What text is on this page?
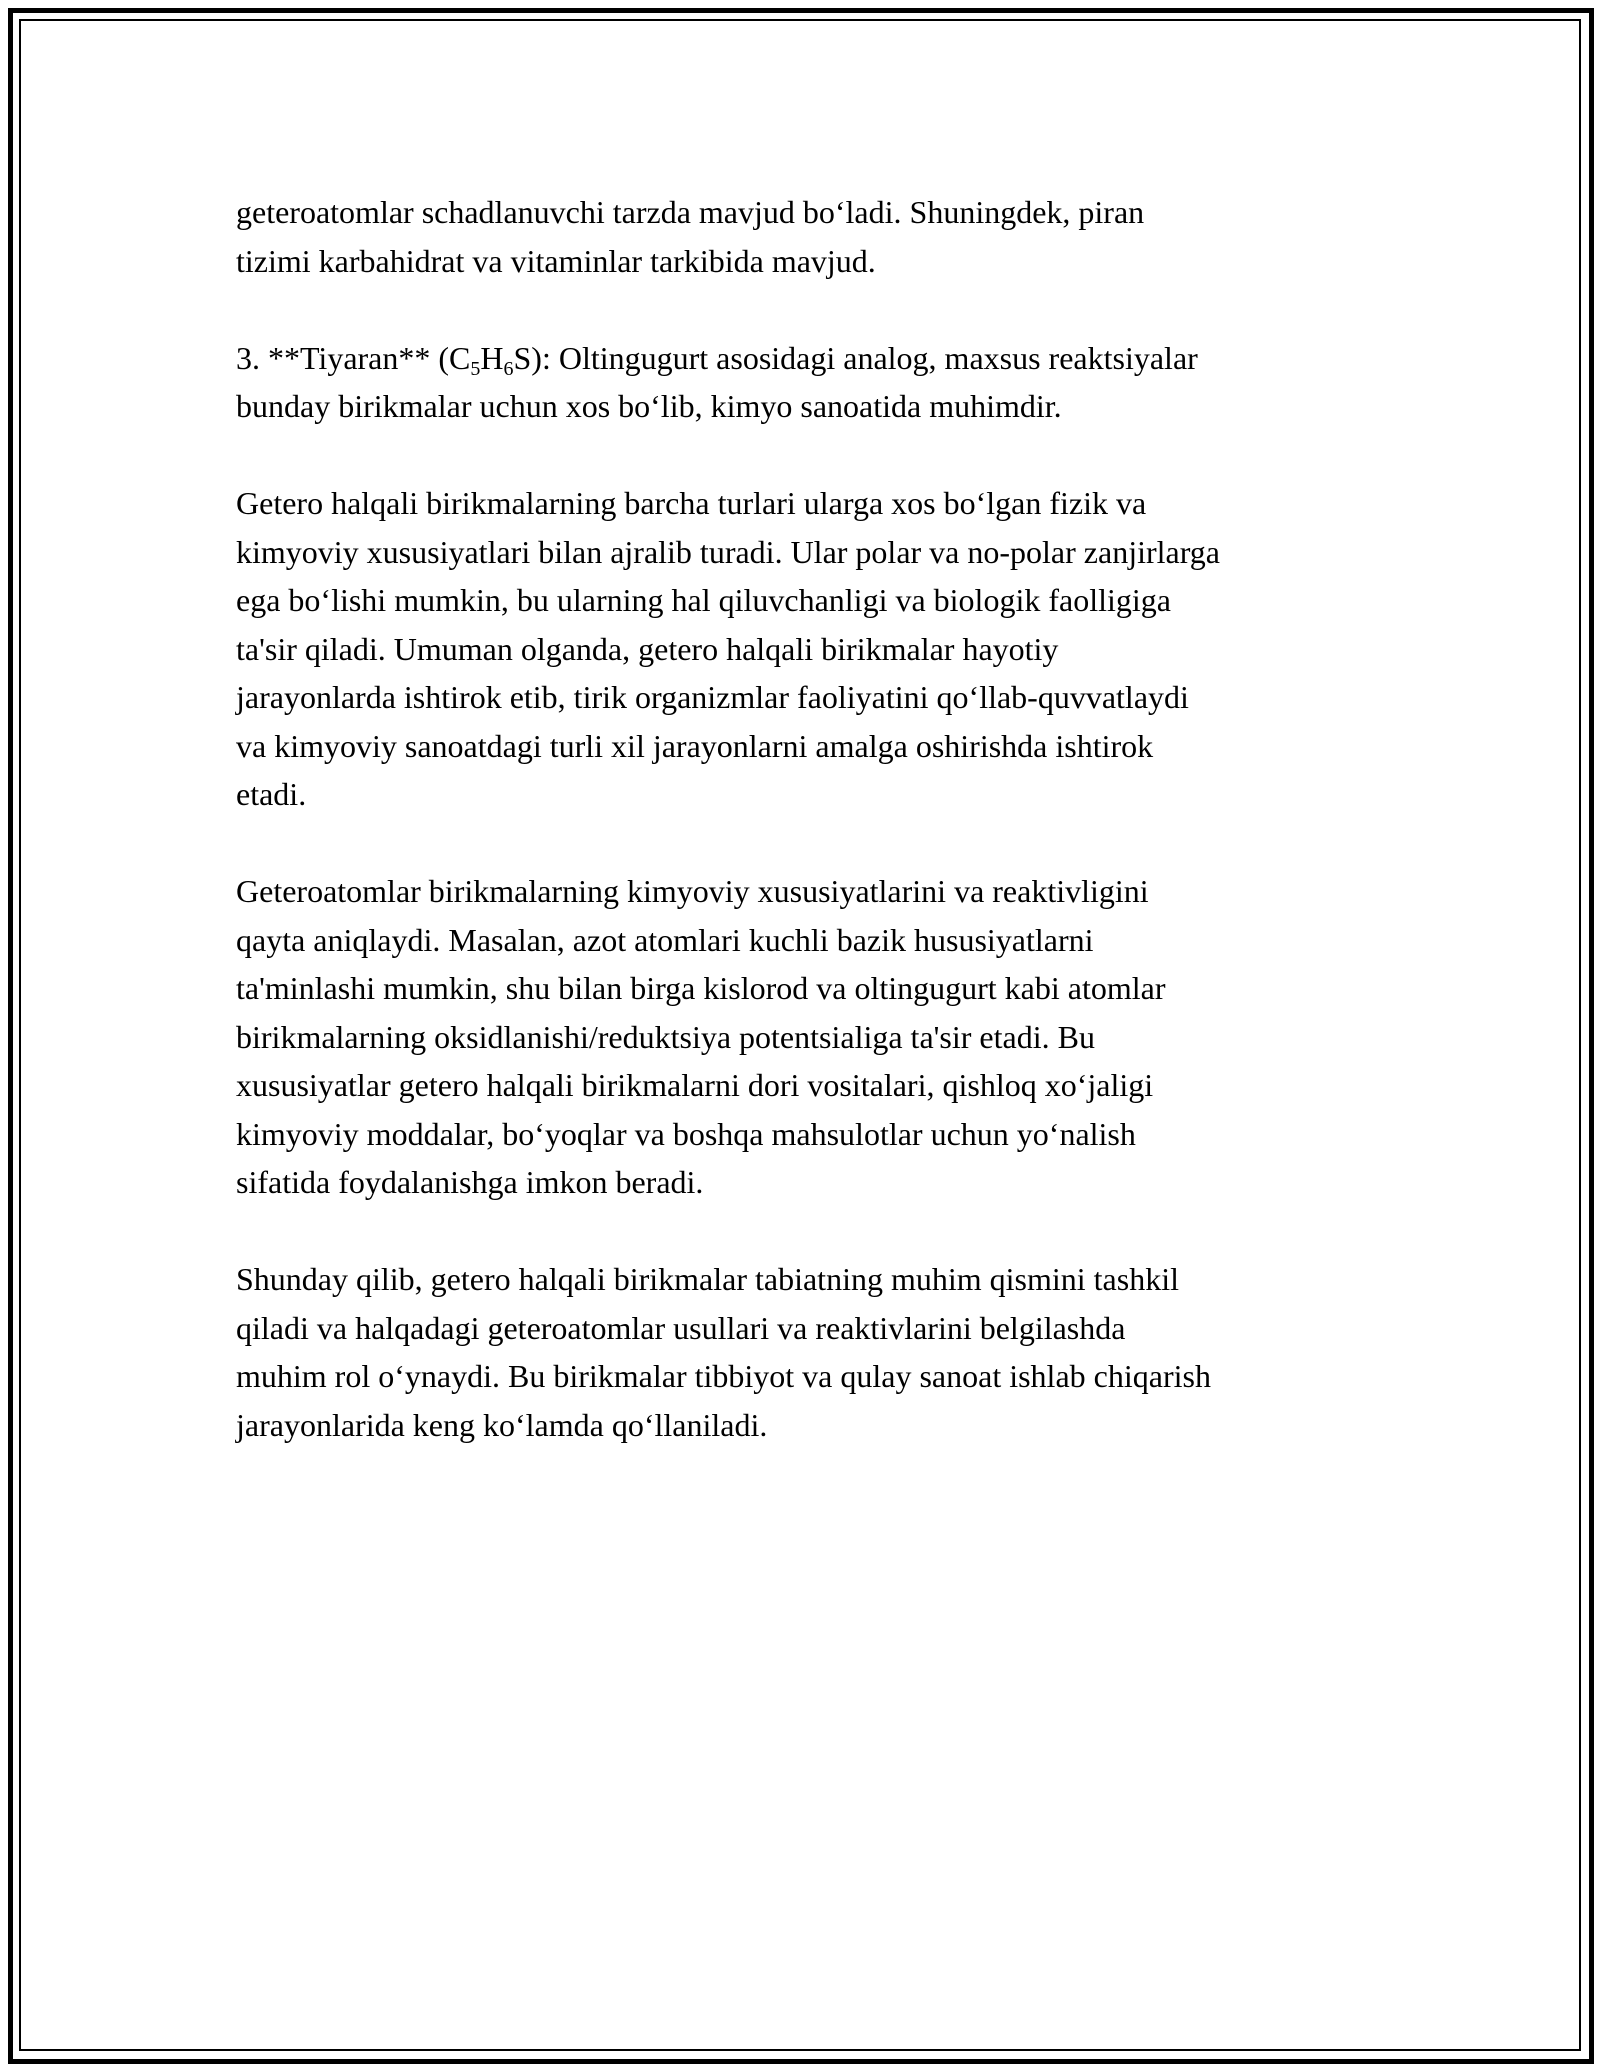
geteroatomlar schadlanuvchi tarzda mavjud boʻladi. Shuningdek, piran
tizimi karbahidrat va vitaminlar tarkibida mavjud.

3. **Tiyaran** $(C_5H_6S)$: Oltingugurt asosidagi analog, maxsus reaktsiyalar
bunday birikmalar uchun xos boʻlib, kimyo sanoatida muhimdir.

Getero halqali birikmalarning barcha turlari ularga xos boʻlgan fizik va
kimyoviy xususiyatlari bilan ajralib turadi. Ular polar va no-polar zanjirlarga
ega boʻlishi mumkin, bu ularning hal qiluvchanligi va biologik faolligiga
ta'sir qiladi. Umuman olganda, getero halqali birikmalar hayotiy
jarayonlarda ishtirok etib, tirik organizmlar faoliyatini qoʻllab-quvvatlaydi
va kimyoviy sanoatdagi turli xil jarayonlarni amalga oshirishda ishtirok
etadi.

Geteroatomlar birikmalarning kimyoviy xususiyatlarini va reaktivligini
qayta aniqlaydi. Masalan, azot atomlari kuchli bazik hususiyatlarni
ta'minlashi mumkin, shu bilan birga kislorod va oltingugurt kabi atomlar
birikmalarning oksidlanishi/reduktsiya potentsialiga ta'sir etadi. Bu
xususiyatlar getero halqali birikmalarni dori vositalari, qishloq xoʻjaligi
kimyoviy moddalar, boʻyoqlar va boshqa mahsulotlar uchun yoʻnalish
sifatida foydalanishga imkon beradi.

Shunday qilib, getero halqali birikmalar tabiatning muhim qismini tashkil
qiladi va halqadagi geteroatomlar usullari va reaktivlarini belgilashda
muhim rol oʻynaydi. Bu birikmalar tibbiyot va qulay sanoat ishlab chiqarish
jarayonlarida keng koʻlamda qoʻllaniladi.
